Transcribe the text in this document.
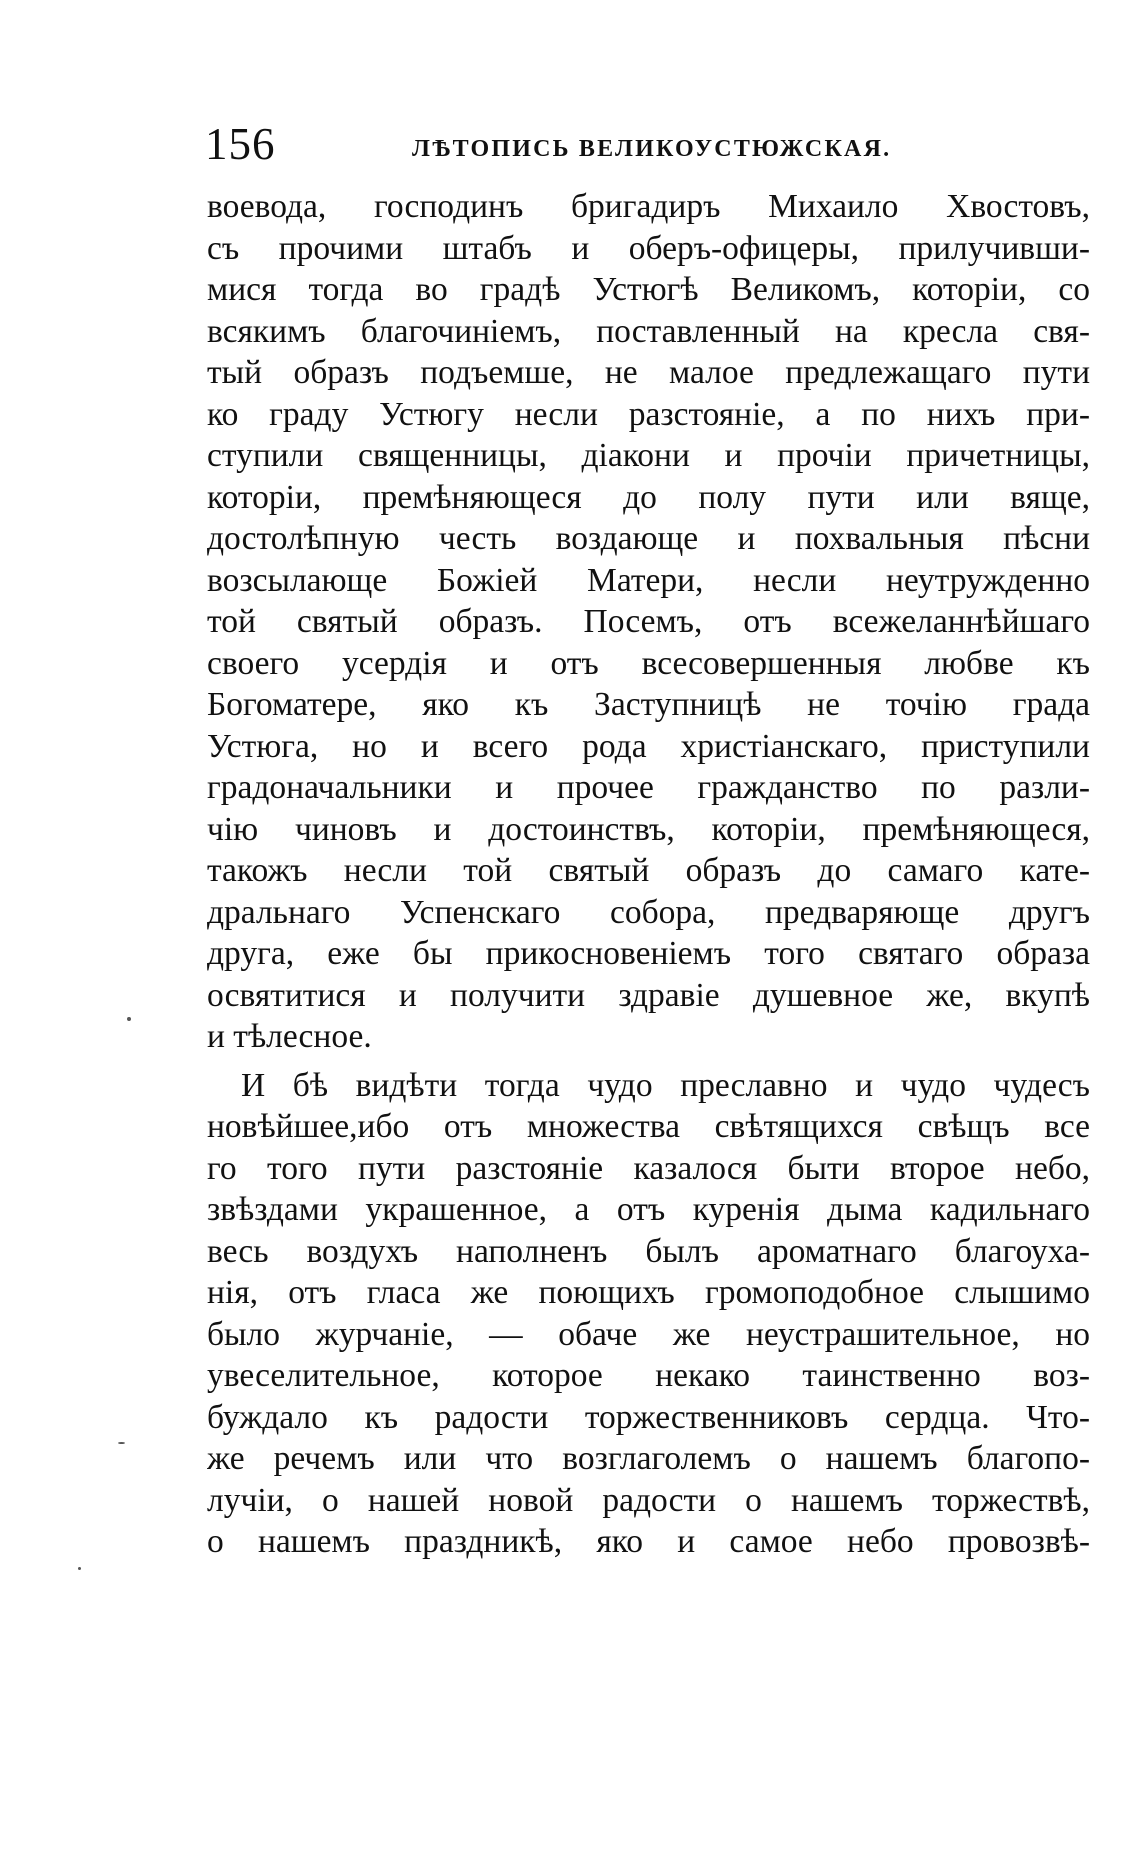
156	ЛѢТОПИСЬ ВЕЛИКОУСТЮЖСКАЯ.
воевода, господинъ бригадиръ Михаило Хвостовъ,
съ прочими штабъ и оберъ-офицеры, прилучивши-
мися тогда во градѣ Устюгѣ Великомъ, которіи, со
всякимъ благочиніемъ, поставленный на кресла свя-
тый образъ подъемше, не малое предлежащаго пути
ко граду Устюгу несли разстояніе, а по нихъ при-
ступили священницы, діакони и прочіи причетницы,
которіи, премѣняющеся до полу пути или вяще,
достолѣпную честь воздающе и похвальныя пѣсни
возсылающе Божіей Матери, несли неутружденно
той святый образъ. Посемъ, отъ всежеланнѣйшаго
своего усердія и отъ всесовершенныя любве къ
Богоматере, яко къ Заступницѣ не точію града
Устюга, но и всего рода христіанскаго, приступили
градоначальники и прочее гражданство по разли-
чію чиновъ и достоинствъ, которіи, премѣняющеся,
такожъ несли той святый образъ до самаго кате-
дральнаго Успенскаго собора, предваряюще другъ
друга, еже бы прикосновеніемъ того святаго образа
освятитися и получити здравіе душевное же, вкупѣ
и тѣлесное.
И бѣ видѣти тогда чудо преславно и чудо чудесъ
новѣйшее,ибо отъ множества свѣтящихся свѣщъ все
го того пути разстояніе казалося быти второе небо,
звѣздами украшенное, а отъ куренія дыма кадильнаго
весь воздухъ наполненъ былъ ароматнаго благоуха-
нія, отъ гласа же поющихъ громоподобное слышимо
было журчаніе, — обаче же неустрашительное, но
увеселительное, которое некако таинственно воз-
буждало къ радости торжественниковъ сердца. Что-
же речемъ или что возглаголемъ о нашемъ благопо-
лучіи, о нашей новой радости о нашемъ торжествѣ,
о нашемъ праздникѣ, яко и самое небо провозвѣ-
